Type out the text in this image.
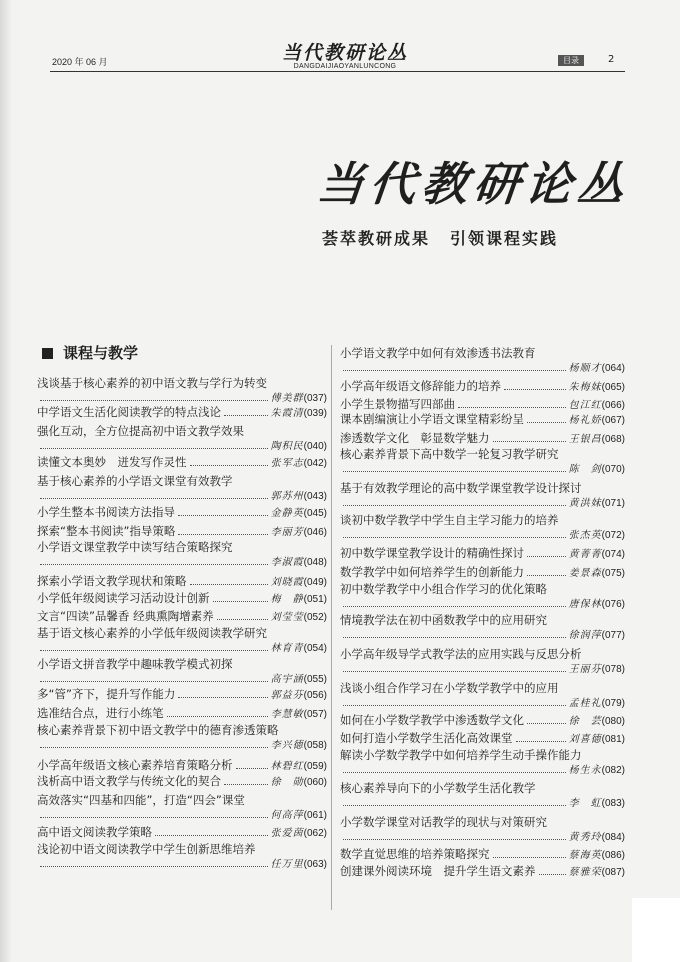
2020 年 06 月	当代教研论丛
DANGDAIJIAOYANLUNCONG
目录	2
当代教研论丛
荟萃教研成果 引领课程实践
课程与教学
浅谈基于核心素养的初中语文教与学行为转变
傅美群 (037)
中学语文生活化阅读教学的特点浅论	朱霞清 (039)
强化互动，全方位提高初中语文教学效果
陶积民 (040)
读懂文本奥妙　迸发写作灵性	张军志 (042)
基于核心素养的小学语文课堂有效教学
郭苏州 (043)
小学生整本书阅读方法指导	金静英 (045)
探索“整本书阅读”指导策略	李丽芳 (046)
小学语文课堂教学中读写结合策略探究
李淑霞 (048)
探索小学语文教学现状和策略	刘晓霞 (049)
小学低年级阅读学习活动设计创新	梅　静 (051)
文言“四读”品馨香 经典熏陶增素养	刘莹莹 (052)
基于语文核心素养的小学低年级阅读教学研究
林育青 (054)
小学语文拼音教学中趣味教学模式初探
高宇涵 (055)
多“管”齐下，提升写作能力	郭益芬 (056)
选准结合点，进行小练笔	李慧敏 (057)
核心素养背景下初中语文教学中的德育渗透策略
李兴德 (058)
小学高年级语文核心素养培育策略分析	林碧红 (059)
浅析高中语文教学与传统文化的契合	徐　勋 (060)
高效落实“四基和四能”，打造“四会”课堂
何高萍 (061)
高中语文阅读教学策略	张爱茵 (062)
浅论初中语文阅读教学中学生创新思维培养
任万里 (063)
小学语文教学中如何有效渗透书法教育
杨顺才 (064)
小学高年级语文修辞能力的培养	朱梅妹 (065)
小学生景物描写四部曲	包江红 (066)
课本剧编演让小学语文课堂精彩纷呈	杨礼娇 (067)
渗透数学文化　彰显数学魅力	王银昌 (068)
核心素养背景下高中数学一轮复习教学研究
陈　剑 (070)
基于有效教学理论的高中数学课堂教学设计探讨
黄洪妹 (071)
谈初中数学教学中学生自主学习能力的培养
张杰英 (072)
初中数学课堂教学设计的精确性探讨	黄菁菁 (074)
数学教学中如何培养学生的创新能力	姜景森 (075)
初中数学教学中小组合作学习的优化策略
唐保林 (076)
情境教学法在初中函数教学中的应用研究
徐润萍 (077)
小学高年级导学式教学法的应用实践与反思分析
王丽芬 (078)
浅谈小组合作学习在小学数学教学中的应用
孟桂礼 (079)
如何在小学数学教学中渗透数学文化	徐　芸 (080)
如何打造小学数学生活化高效课堂	刘喜德 (081)
解读小学数学教学中如何培养学生动手操作能力
杨生永 (082)
核心素养导向下的小学数学生活化教学
李　虹 (083)
小学数学课堂对话教学的现状与对策研究
黄秀玲 (084)
数学直觉思维的培养策略探究	蔡海英 (086)
创建课外阅读环境　提升学生语文素养	蔡雅荣 (087)
